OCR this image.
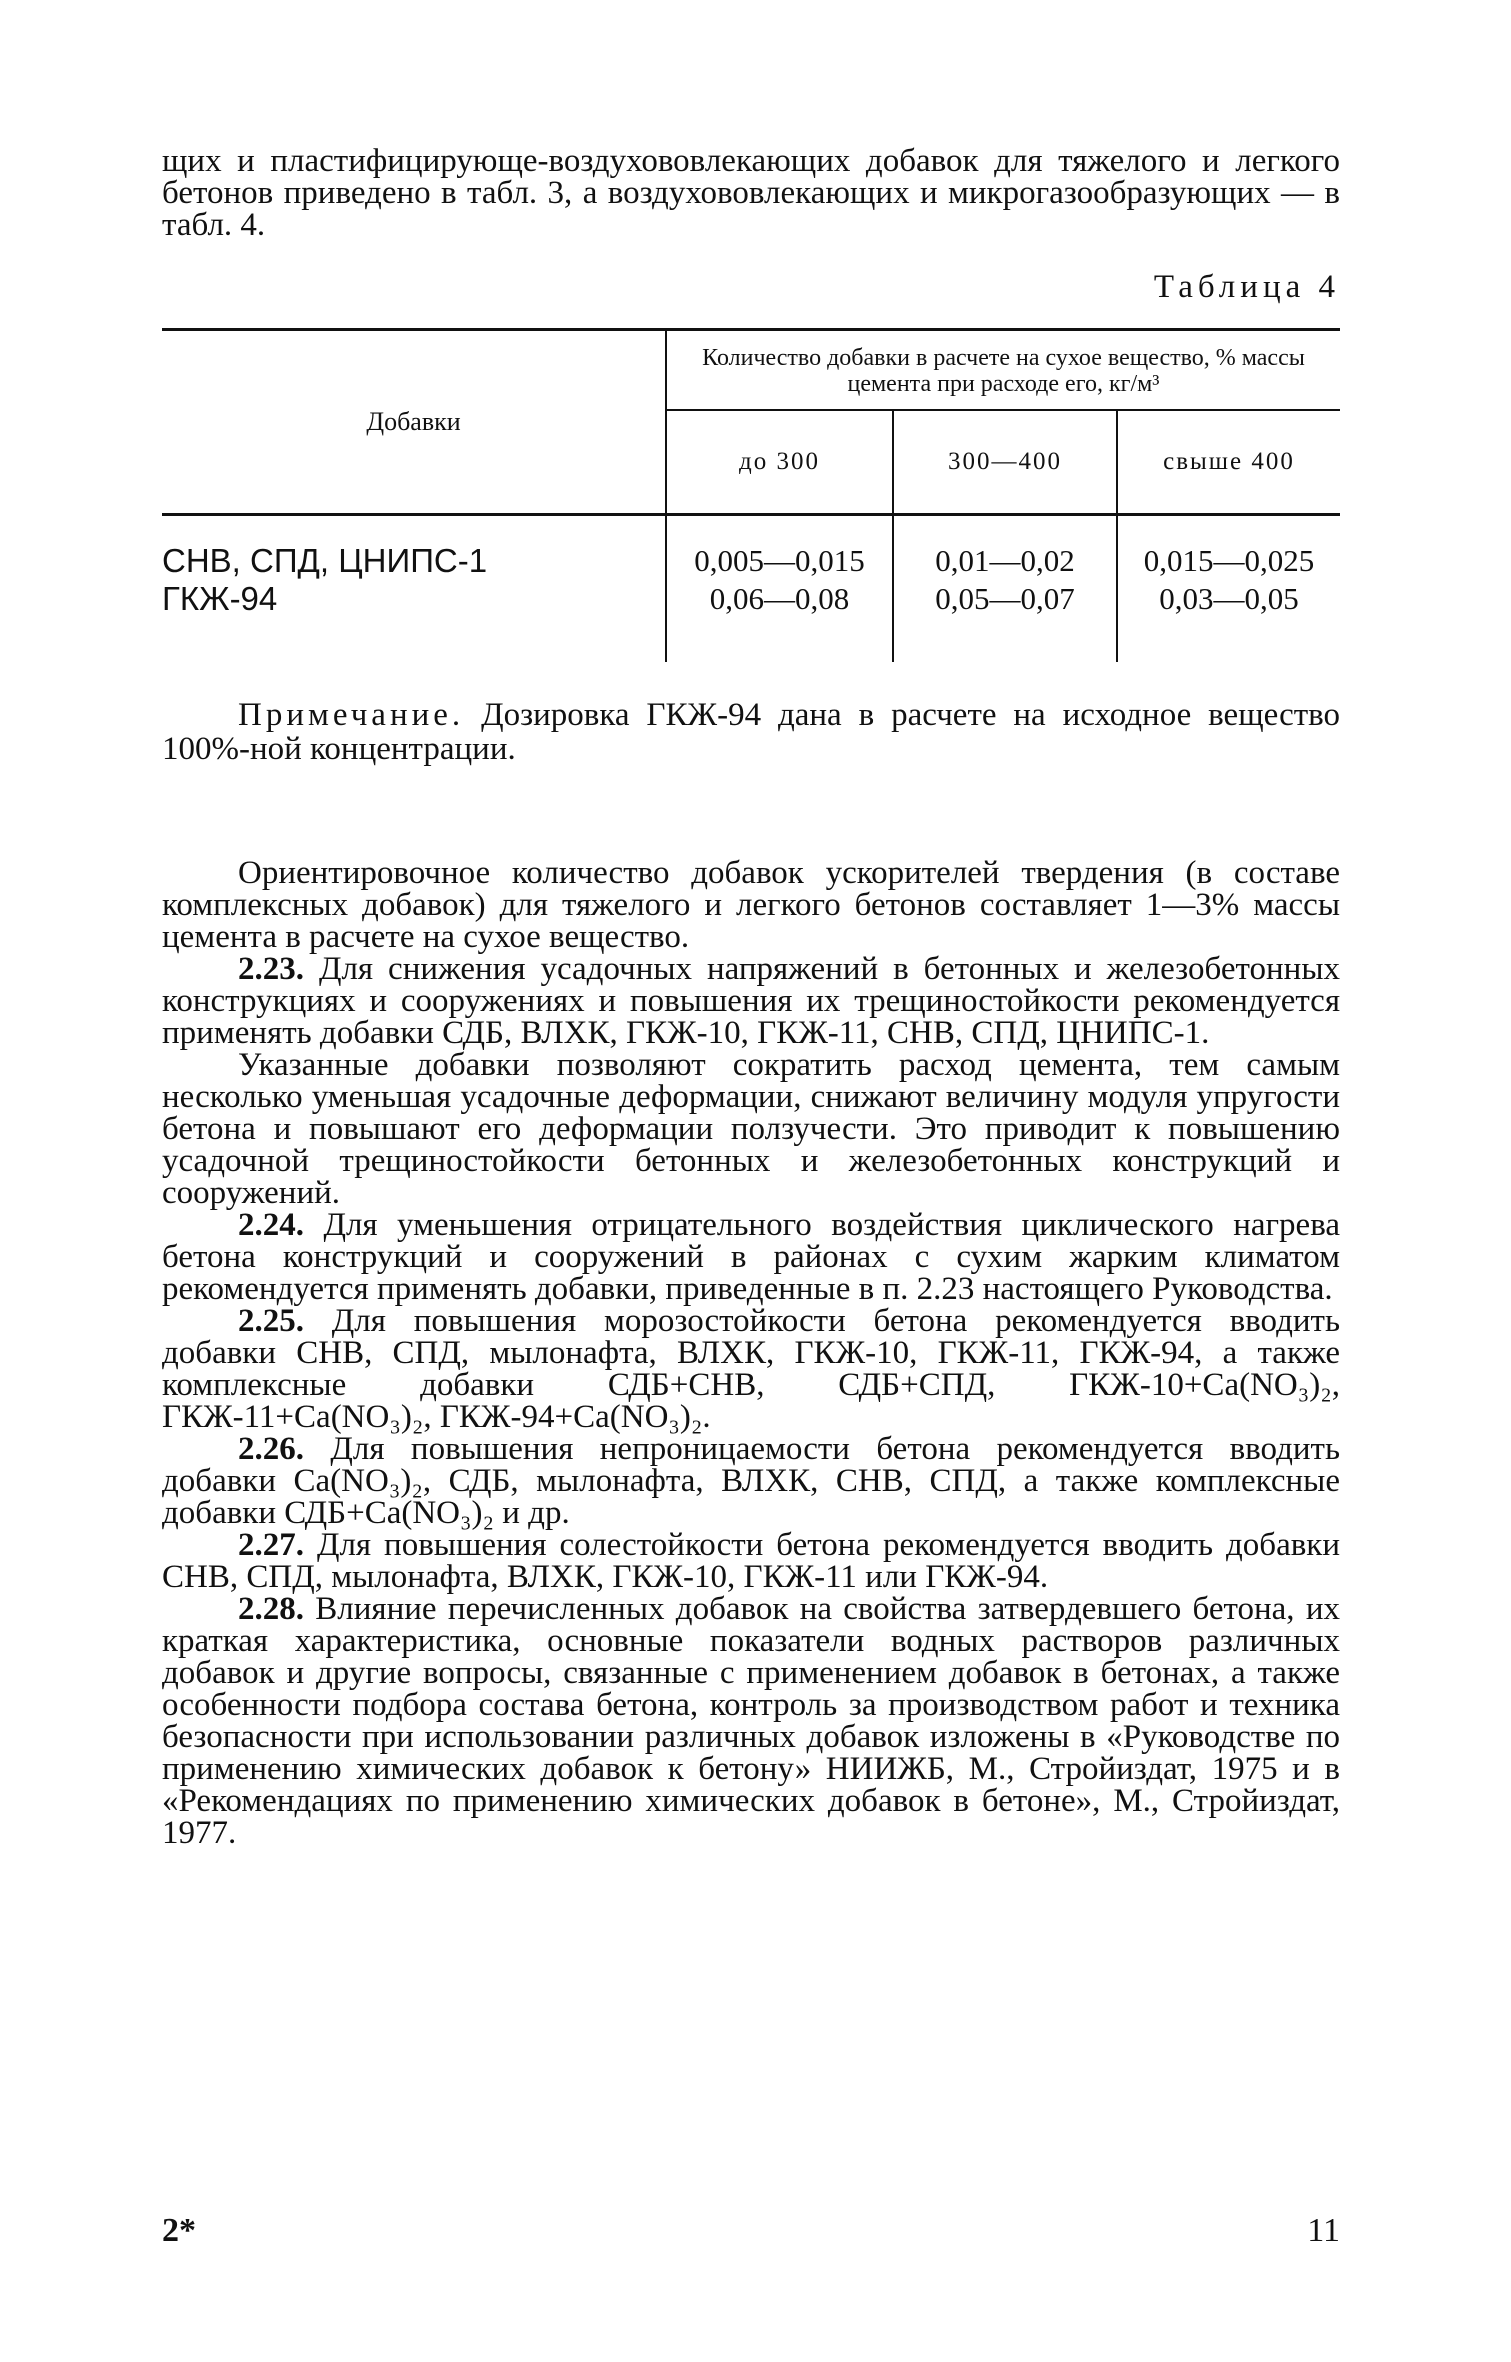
щих и пластифицирующе-воздухововлекающих добавок для тяжелого и легкого бетонов приведено в табл. 3, а воздухововлекающих и микрогазообразующих — в табл. 4.

Таблица 4
Добавки	Количество добавки в расчете на сухое вещество, % массы цемента при расходе его, кг/м³		
	до 300	300—400	свыше 400
СНВ, СПД, ЦНИПС-1	0,005—0,015	0,01—0,02	0,015—0,025
ГКЖ-94	0,06—0,08	0,05—0,07	0,03—0,05

Примечание. Дозировка ГКЖ-94 дана в расчете на исходное вещество 100%-ной концентрации.

Ориентировочное количество добавок ускорителей твердения (в составе комплексных добавок) для тяжелого и легкого бетонов составляет 1—3% массы цемента в расчете на сухое вещество.

2.23. Для снижения усадочных напряжений в бетонных и железобетонных конструкциях и сооружениях и повышения их трещиностойкости рекомендуется применять добавки СДБ, ВЛХК, ГКЖ-10, ГКЖ-11, СНВ, СПД, ЦНИПС-1.

Указанные добавки позволяют сократить расход цемента, тем самым несколько уменьшая усадочные деформации, снижают величину модуля упругости бетона и повышают его деформации ползучести. Это приводит к повышению усадочной трещиностойкости бетонных и железобетонных конструкций и сооружений.

2.24. Для уменьшения отрицательного воздействия циклического нагрева бетона конструкций и сооружений в районах с сухим жарким климатом рекомендуется применять добавки, приведенные в п. 2.23 настоящего Руководства.

2.25. Для повышения морозостойкости бетона рекомендуется вводить добавки СНВ, СПД, мылонафта, ВЛХК, ГКЖ-10, ГКЖ-11, ГКЖ-94, а также комплексные добавки СДБ+СНВ, СДБ+СПД, ГКЖ-10+Ca(NO₃)₂, ГКЖ-11+Ca(NO₃)₂, ГКЖ-94+Ca(NO₃)₂.

2.26. Для повышения непроницаемости бетона рекомендуется вводить добавки Ca(NO₃)₂, СДБ, мылонафта, ВЛХК, СНВ, СПД, а также комплексные добавки СДБ+Ca(NO₃)₂ и др.

2.27. Для повышения солестойкости бетона рекомендуется вводить добавки СНВ, СПД, мылонафта, ВЛХК, ГКЖ-10, ГКЖ-11 или ГКЖ-94.

2.28. Влияние перечисленных добавок на свойства затвердевшего бетона, их краткая характеристика, основные показатели водных растворов различных добавок и другие вопросы, связанные с применением добавок в бетонах, а также особенности подбора состава бетона, контроль за производством работ и техника безопасности при использовании различных добавок изложены в «Руководстве по применению химических добавок к бетону» НИИЖБ, М., Стройиздат, 1975 и в «Рекомендациях по применению химических добавок в бетоне», М., Стройиздат, 1977.

2*	11
